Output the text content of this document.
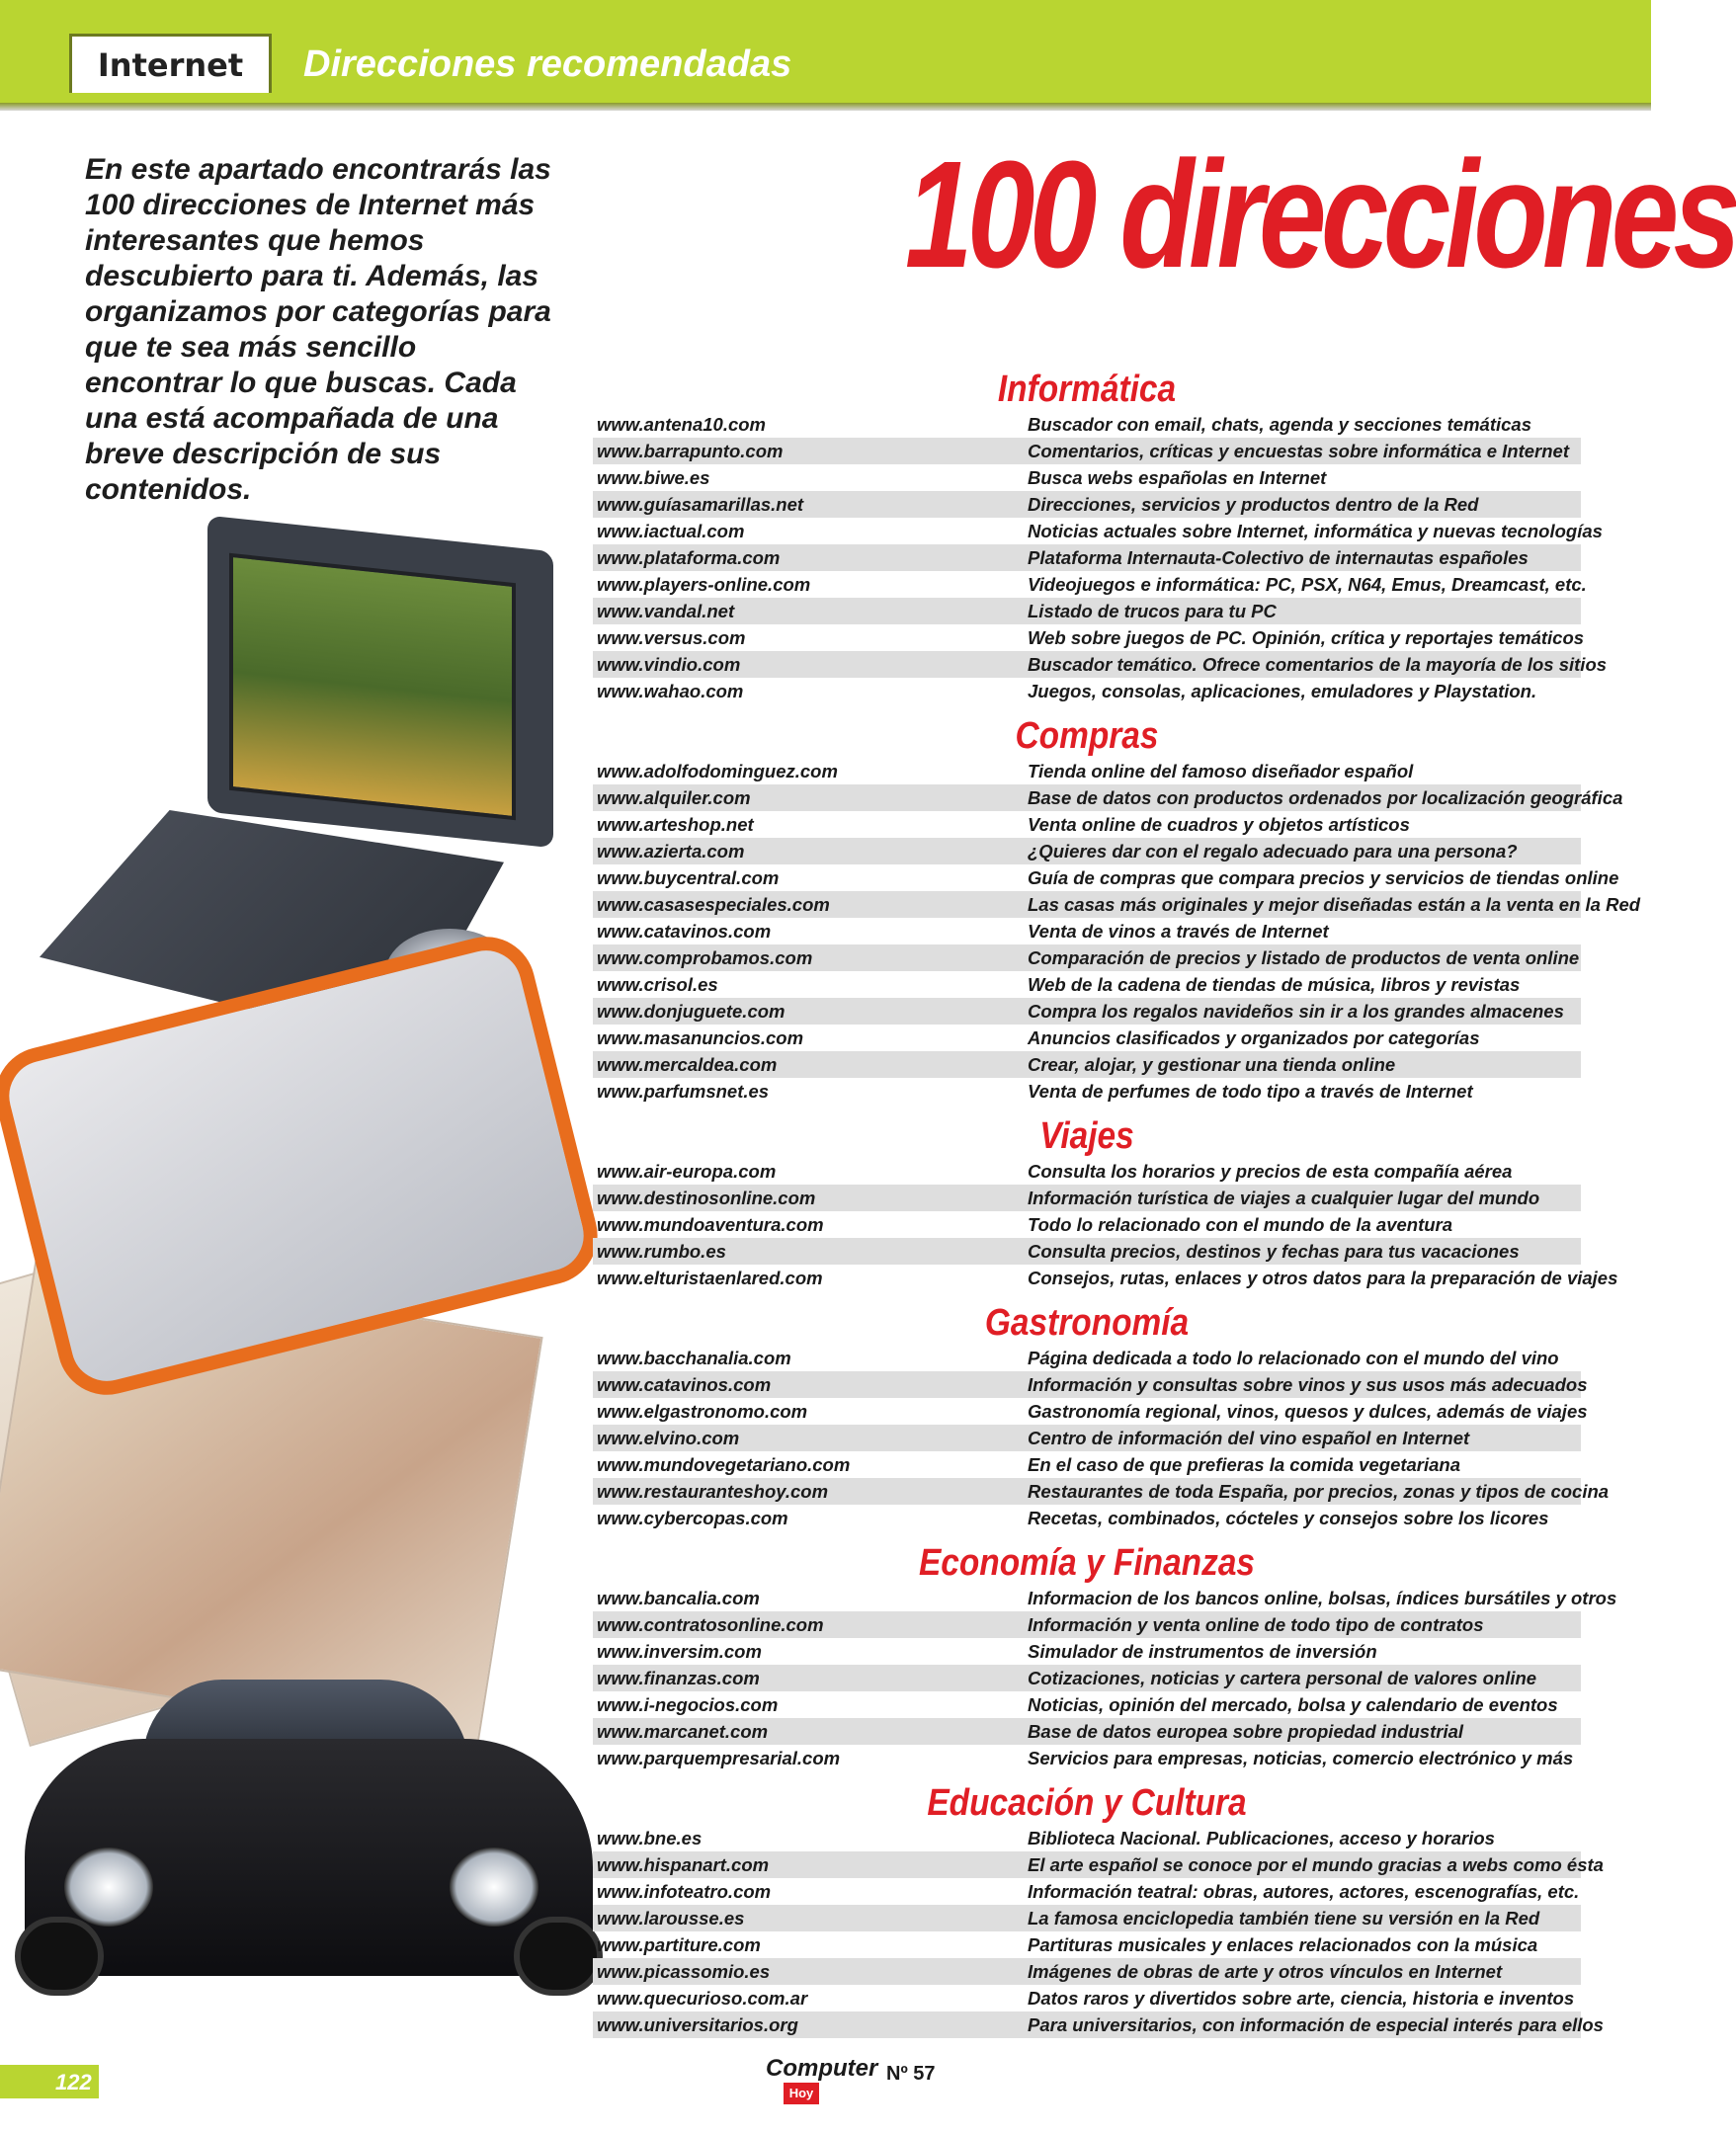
Internet	Direcciones recomendadas
En este apartado encontrarás las 100 direcciones de Internet más interesantes que hemos descubierto para ti. Además, las organizamos por categorías para que te sea más sencillo encontrar lo que buscas. Cada una está acompañada de una breve descripción de sus contenidos.
100 direcciones
Informática
www.antena10.com	Buscador con email, chats, agenda y secciones temáticas
www.barrapunto.com	Comentarios, críticas y encuestas sobre informática e Internet
www.biwe.es	Busca webs españolas en Internet
www.guíasamarillas.net	Direcciones, servicios y productos dentro de la Red
www.iactual.com	Noticias actuales sobre Internet, informática y nuevas tecnologías
www.plataforma.com	Plataforma Internauta-Colectivo de internautas españoles
www.players-online.com	Videojuegos e informática: PC, PSX, N64, Emus, Dreamcast, etc.
www.vandal.net	Listado de trucos para tu PC
www.versus.com	Web sobre juegos de PC. Opinión, crítica y reportajes temáticos
www.vindio.com	Buscador temático. Ofrece comentarios de la mayoría de los sitios
www.wahao.com	Juegos, consolas, aplicaciones, emuladores y Playstation.
Compras
www.adolfodominguez.com	Tienda online del famoso diseñador español
www.alquiler.com	Base de datos con productos ordenados por localización geográfica
www.arteshop.net	Venta online de cuadros y objetos artísticos
www.azierta.com	¿Quieres dar con el regalo adecuado para una persona?
www.buycentral.com	Guía de compras que compara precios y servicios de tiendas online
www.casasespeciales.com	Las casas más originales y mejor diseñadas están a la venta en la Red
www.catavinos.com	Venta de vinos a través de Internet
www.comprobamos.com	Comparación de precios y listado de productos de venta online
www.crisol.es	Web de la cadena de tiendas de música, libros y revistas
www.donjuguete.com	Compra los regalos navideños sin ir a los grandes almacenes
www.masanuncios.com	Anuncios clasificados y organizados por categorías
www.mercaldea.com	Crear, alojar, y gestionar una tienda online
www.parfumsnet.es	Venta de perfumes de todo tipo a través de Internet
Viajes
www.air-europa.com	Consulta los horarios y precios de esta compañía aérea
www.destinosonline.com	Información turística de viajes a cualquier lugar del mundo
www.mundoaventura.com	Todo lo relacionado con el mundo de la aventura
www.rumbo.es	Consulta precios, destinos y fechas para tus vacaciones
www.elturistaenlared.com	Consejos, rutas, enlaces y otros datos para la preparación de viajes
Gastronomía
www.bacchanalia.com	Página dedicada a todo lo relacionado con el mundo del vino
www.catavinos.com	Información y consultas sobre vinos y sus usos más adecuados
www.elgastronomo.com	Gastronomía regional, vinos, quesos y dulces, además de viajes
www.elvino.com	Centro de información del vino español en Internet
www.mundovegetariano.com	En el caso de que prefieras la comida vegetariana
www.restauranteshoy.com	Restaurantes de toda España, por precios, zonas y tipos de cocina
www.cybercopas.com	Recetas, combinados, cócteles y consejos sobre los licores
Economía y Finanzas
www.bancalia.com	Informacion de los bancos online, bolsas, índices bursátiles y otros
www.contratosonline.com	Información y venta online de todo tipo de contratos
www.inversim.com	Simulador de instrumentos de inversión
www.finanzas.com	Cotizaciones, noticias y cartera personal de valores online
www.i-negocios.com	Noticias, opinión del mercado, bolsa y calendario de eventos
www.marcanet.com	Base de datos europea sobre propiedad industrial
www.parquempresarial.com	Servicios para empresas, noticias, comercio electrónico y más
Educación y Cultura
www.bne.es	Biblioteca Nacional. Publicaciones, acceso y horarios
www.hispanart.com	El arte español se conoce por el mundo gracias a webs como ésta
www.infoteatro.com	Información teatral: obras, autores, actores, escenografías, etc.
www.larousse.es	La famosa enciclopedia también tiene su versión en la Red
www.partiture.com	Partituras musicales y enlaces relacionados con la música
www.picassomio.es	Imágenes de obras de arte y otros vínculos en Internet
www.quecurioso.com.ar	Datos raros y divertidos sobre arte, ciencia, historia e inventos
www.universitarios.org	Para universitarios, con información de especial interés para ellos
122
Computer
Hoy
Nº 57
